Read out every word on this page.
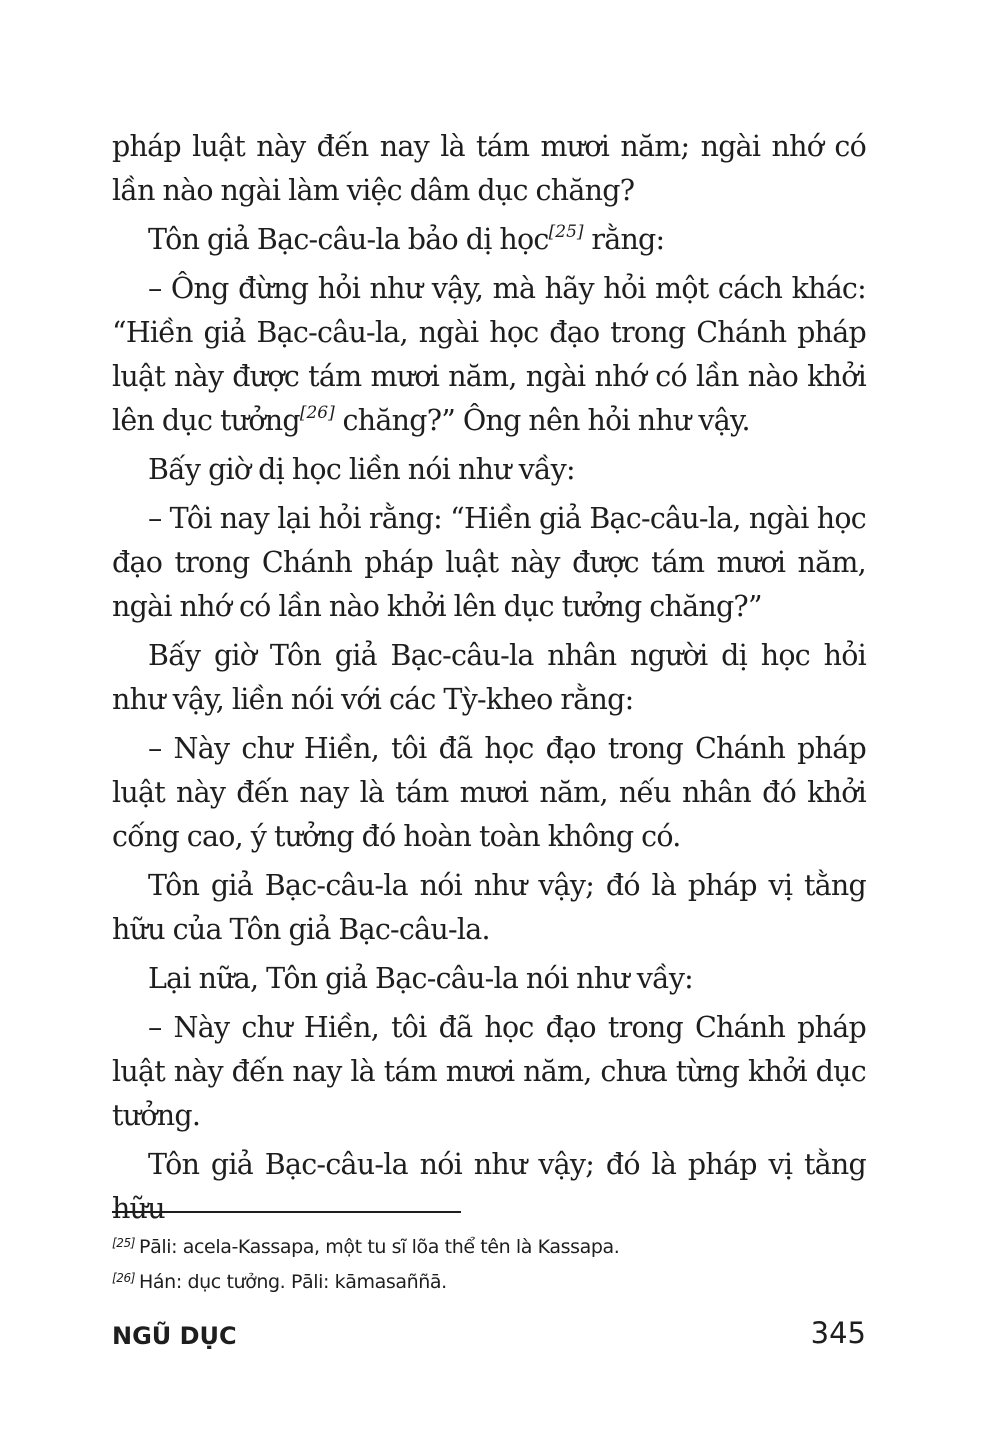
pháp luật này đến nay là tám mươi năm; ngài nhớ có lần nào ngài làm việc dâm dục chăng?

Tôn giả Bạc-câu-la bảo dị học[25] rằng:

– Ông đừng hỏi như vậy, mà hãy hỏi một cách khác: “Hiền giả Bạc-câu-la, ngài học đạo trong Chánh pháp luật này được tám mươi năm, ngài nhớ có lần nào khởi lên dục tưởng[26] chăng?” Ông nên hỏi như vậy.

Bấy giờ dị học liền nói như vầy:

– Tôi nay lại hỏi rằng: “Hiền giả Bạc-câu-la, ngài học đạo trong Chánh pháp luật này được tám mươi năm, ngài nhớ có lần nào khởi lên dục tưởng chăng?”

Bấy giờ Tôn giả Bạc-câu-la nhân người dị học hỏi như vậy, liền nói với các Tỳ-kheo rằng:

– Này chư Hiền, tôi đã học đạo trong Chánh pháp luật này đến nay là tám mươi năm, nếu nhân đó khởi cống cao, ý tưởng đó hoàn toàn không có.

Tôn giả Bạc-câu-la nói như vậy; đó là pháp vị tằng hữu của Tôn giả Bạc-câu-la.

Lại nữa, Tôn giả Bạc-câu-la nói như vầy:

– Này chư Hiền, tôi đã học đạo trong Chánh pháp luật này đến nay là tám mươi năm, chưa từng khởi dục tưởng.

Tôn giả Bạc-câu-la nói như vậy; đó là pháp vị tằng hữu

[25] Pāli: acela-Kassapa, một tu sĩ lõa thể tên là Kassapa.
[26] Hán: dục tưởng. Pāli: kāmasaññā.
NGŨ DỤC	345
